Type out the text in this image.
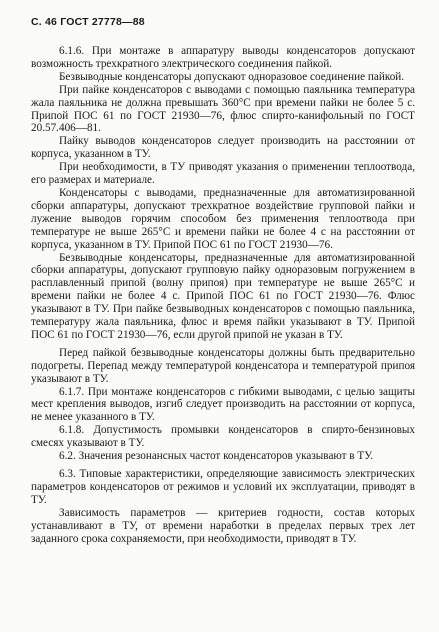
С. 46 ГОСТ 27778—88

6.1.6. При монтаже в аппаратуру выводы конденсаторов допускают возможность трехкратного электрического соединения пайкой.

Безвыводные конденсаторы допускают одноразовое соединение пайкой.

При пайке конденсаторов с выводами с помощью паяльника температура жала паяльника не должна превышать 360°С при времени пайки не более 5 с. Припой ПОС 61 по ГОСТ 21930—76, флюс спирто-канифольный по ГОСТ 20.57.406—81.

Пайку выводов конденсаторов следует производить на расстоянии от корпуса, указанном в ТУ.

При необходимости, в ТУ приводят указания о применении теплоотвода, его размерах и материале.

Конденсаторы с выводами, предназначенные для автоматизированной сборки аппаратуры, допускают трехкратное воздействие групповой пайки и лужение выводов горячим способом без применения теплоотвода при температуре не выше 265°С и времени пайки не более 4 с на расстоянии от корпуса, указанном в ТУ. Припой ПОС 61 по ГОСТ 21930—76.

Безвыводные конденсаторы, предназначенные для автоматизированной сборки аппаратуры, допускают групповую пайку одноразовым погружением в расплавленный припой (волну припоя) при температуре не выше 265°С и времени пайки не более 4 с. Припой ПОС 61 по ГОСТ 21930—76. Флюс указывают в ТУ. При пайке безвыводных конденсаторов с помощью паяльника, температуру жала паяльника, флюс и время пайки указывают в ТУ. Припой ПОС 61 по ГОСТ 21930—76, если другой припой не указан в ТУ.

Перед пайкой безвыводные конденсаторы должны быть предварительно подогреты. Перепад между температурой конденсатора и температурой припоя указывают в ТУ.

6.1.7. При монтаже конденсаторов с гибкими выводами, с целью защиты мест крепления выводов, изгиб следует производить на расстоянии от корпуса, не менее указанного в ТУ.

6.1.8. Допустимость промывки конденсаторов в спирто-бензиновых смесях указывают в ТУ.

6.2. Значения резонансных частот конденсаторов указывают в ТУ.

6.3. Типовые характеристики, определяющие зависимость электрических параметров конденсаторов от режимов и условий их эксплуатации, приводят в ТУ.

Зависимость параметров — критериев годности, состав которых устанавливают в ТУ, от времени наработки в пределах первых трех лет заданного срока сохраняемости, при необходимости, приводят в ТУ.
